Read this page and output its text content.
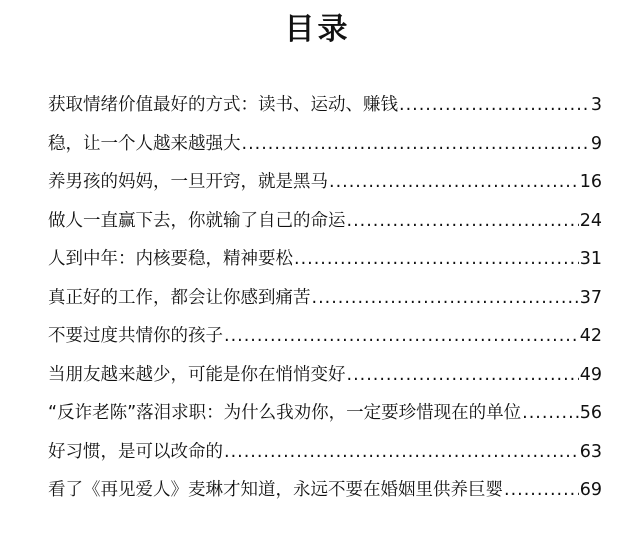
目录
获取情绪价值最好的方式：读书、运动、赚钱 .....	3
稳，让一个人越来越强大 .....	9
养男孩的妈妈，一旦开窍，就是黑马 .....	16
做人一直赢下去，你就输了自己的命运 .....	24
人到中年：内核要稳，精神要松 .....	31
真正好的工作，都会让你感到痛苦 .....	37
不要过度共情你的孩子 .....	42
当朋友越来越少，可能是你在悄悄变好 .....	49
“反诈老陈”落泪求职：为什么我劝你，一定要珍惜现在的单位 .....	56
好习惯，是可以改命的 .....	63
看了《再见爱人》麦琳才知道，永远不要在婚姻里供养巨婴 .....	69
